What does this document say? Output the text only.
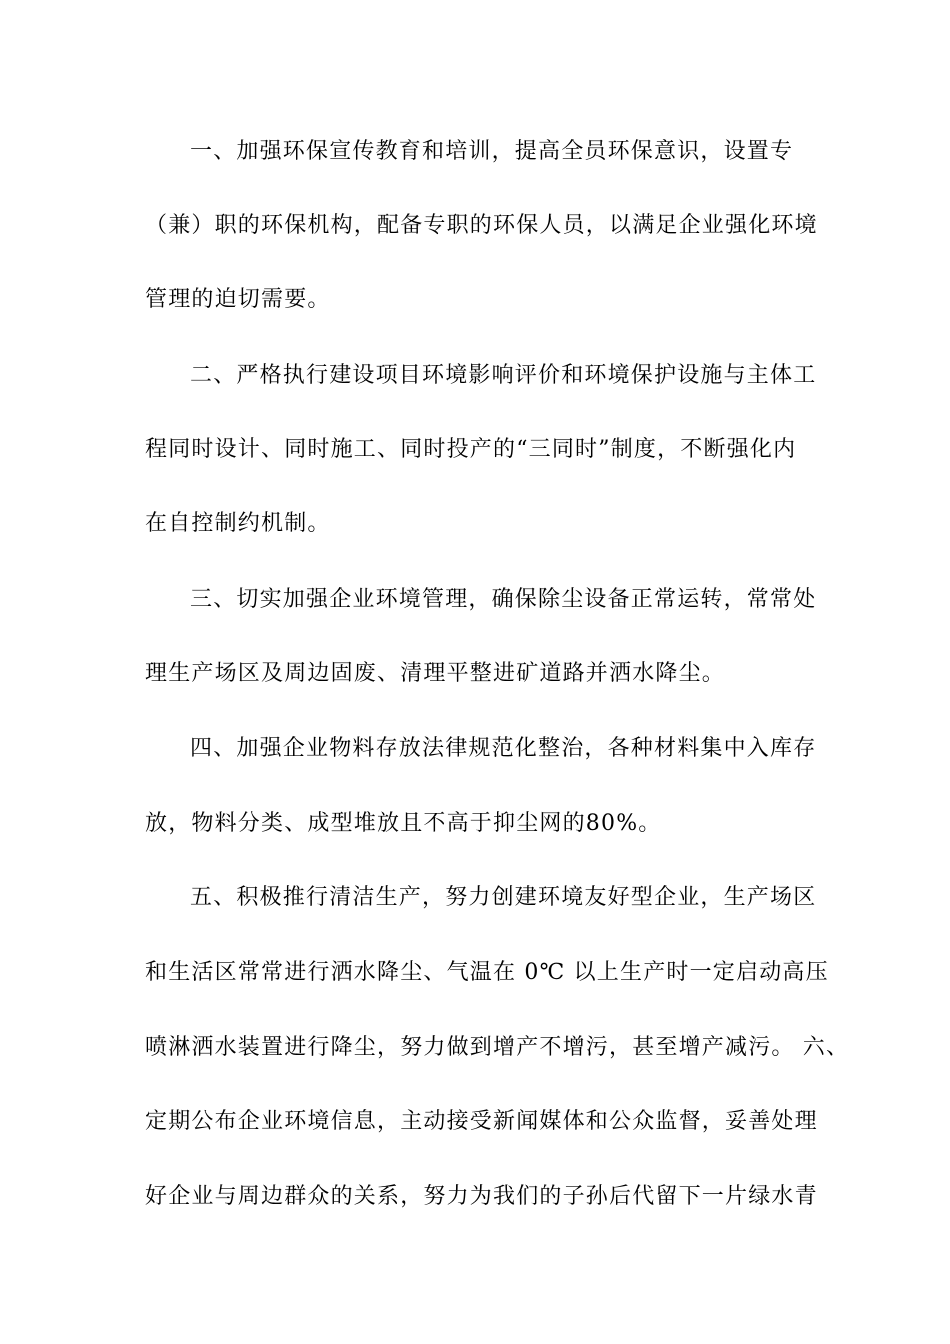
一、加强环保宣传教育和培训，提高全员环保意识，设置专
（兼）职的环保机构，配备专职的环保人员，以满足企业强化环境
管理的迫切需要。
二、严格执行建设项目环境影响评价和环境保护设施与主体工
程同时设计、同时施工、同时投产的“三同时”制度，不断强化内
在自控制约机制。
三、切实加强企业环境管理，确保除尘设备正常运转，常常处
理生产场区及周边固废、清理平整进矿道路并洒水降尘。
四、加强企业物料存放法律规范化整治，各种材料集中入库存
放，物料分类、成型堆放且不高于抑尘网的80%。
五、积极推行清洁生产，努力创建环境友好型企业，生产场区
和生活区常常进行洒水降尘、气温在 0℃ 以上生产时一定启动高压
喷淋洒水装置进行降尘，努力做到增产不增污，甚至增产减污。 六、
定期公布企业环境信息，主动接受新闻媒体和公众监督，妥善处理
好企业与周边群众的关系，努力为我们的子孙后代留下一片绿水青
